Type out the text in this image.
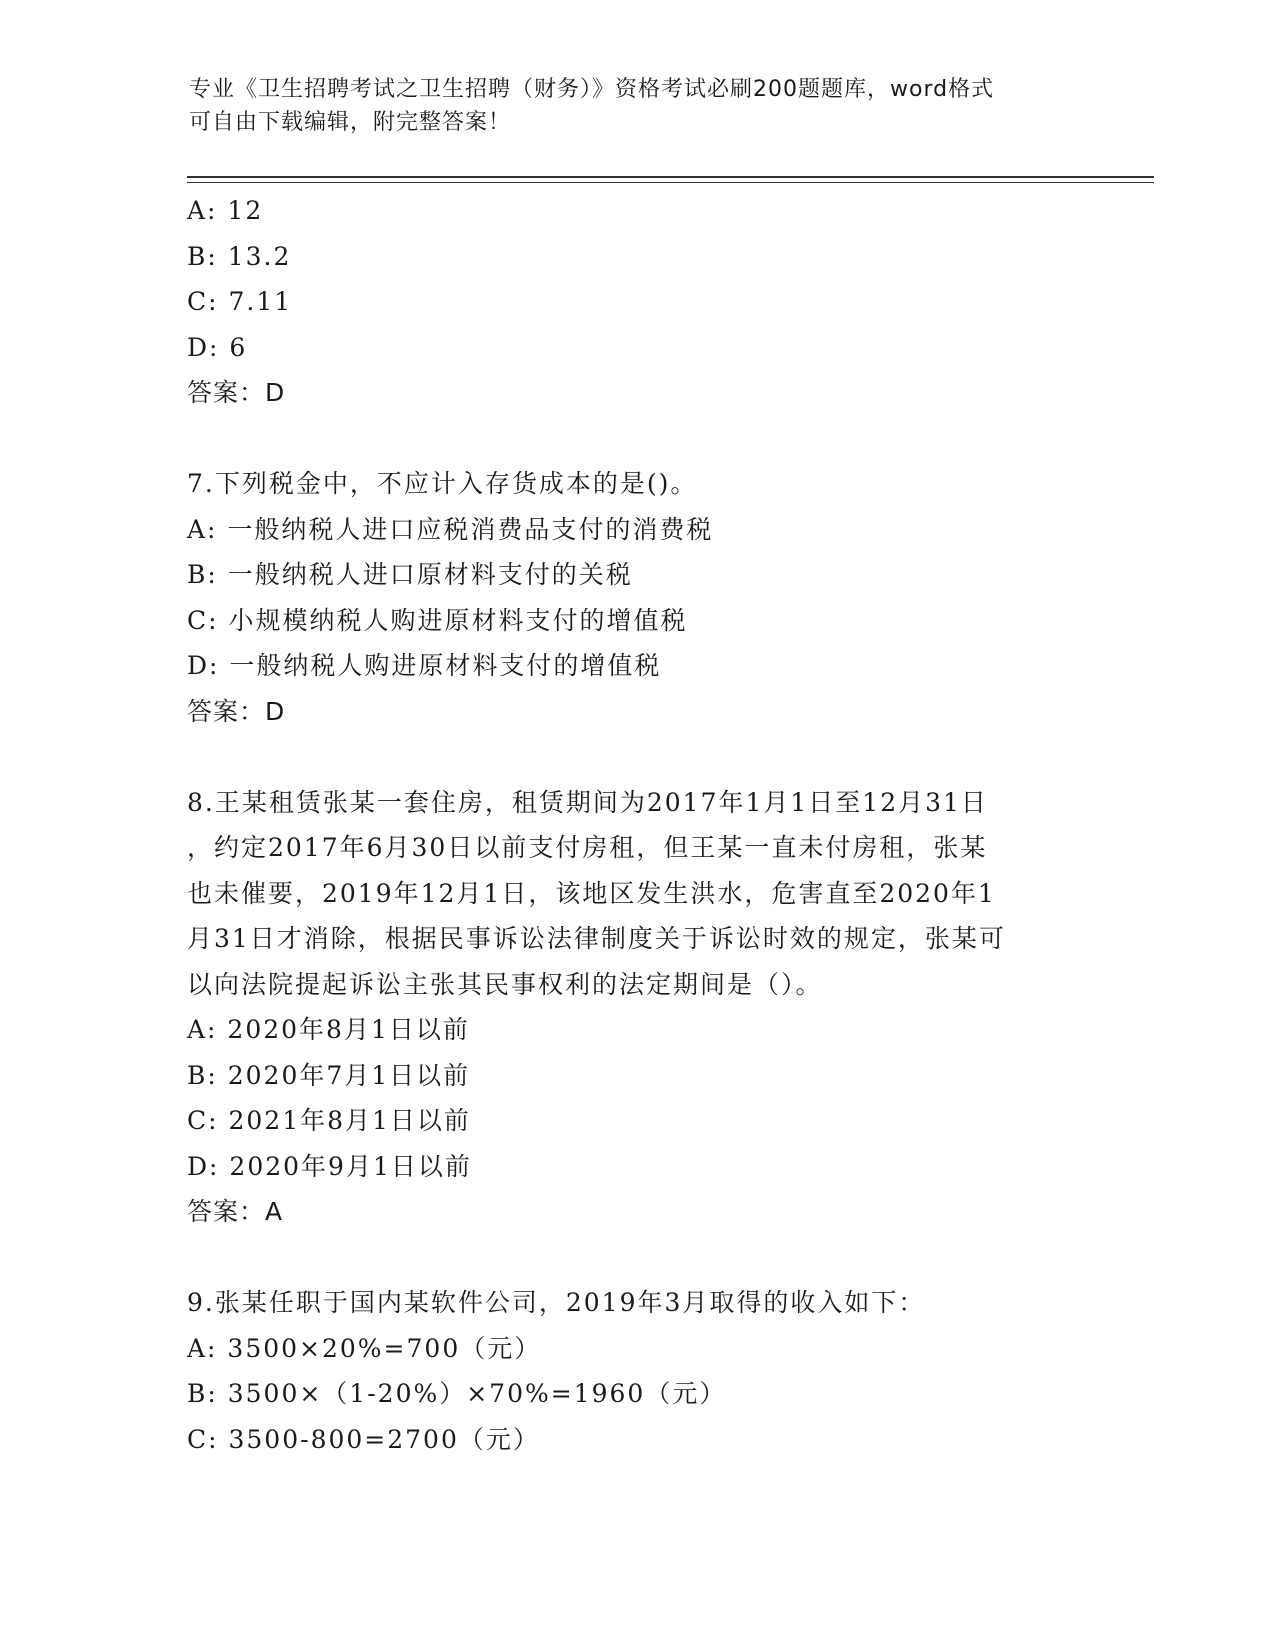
专业《卫生招聘考试之卫生招聘（财务）》资格考试必刷200题题库，word格式
可自由下载编辑，附完整答案！
A: 12
B: 13.2
C: 7.11
D: 6
答案：D
7.下列税金中，不应计入存货成本的是()。
A: 一般纳税人进口应税消费品支付的消费税
B: 一般纳税人进口原材料支付的关税
C: 小规模纳税人购进原材料支付的增值税
D: 一般纳税人购进原材料支付的增值税
答案：D
8.王某租赁张某一套住房，租赁期间为2017年1月1日至12月31日
，约定2017年6月30日以前支付房租，但王某一直未付房租，张某
也未催要，2019年12月1日，该地区发生洪水，危害直至2020年1
月31日才消除，根据民事诉讼法律制度关于诉讼时效的规定，张某可
以向法院提起诉讼主张其民事权利的法定期间是（）。
A: 2020年8月1日以前
B: 2020年7月1日以前
C: 2021年8月1日以前
D: 2020年9月1日以前
答案：A
9.张某任职于国内某软件公司，2019年3月取得的收入如下：
A: 3500×20%=700（元）
B: 3500×（1-20%）×70%=1960（元）
C: 3500-800=2700（元）
